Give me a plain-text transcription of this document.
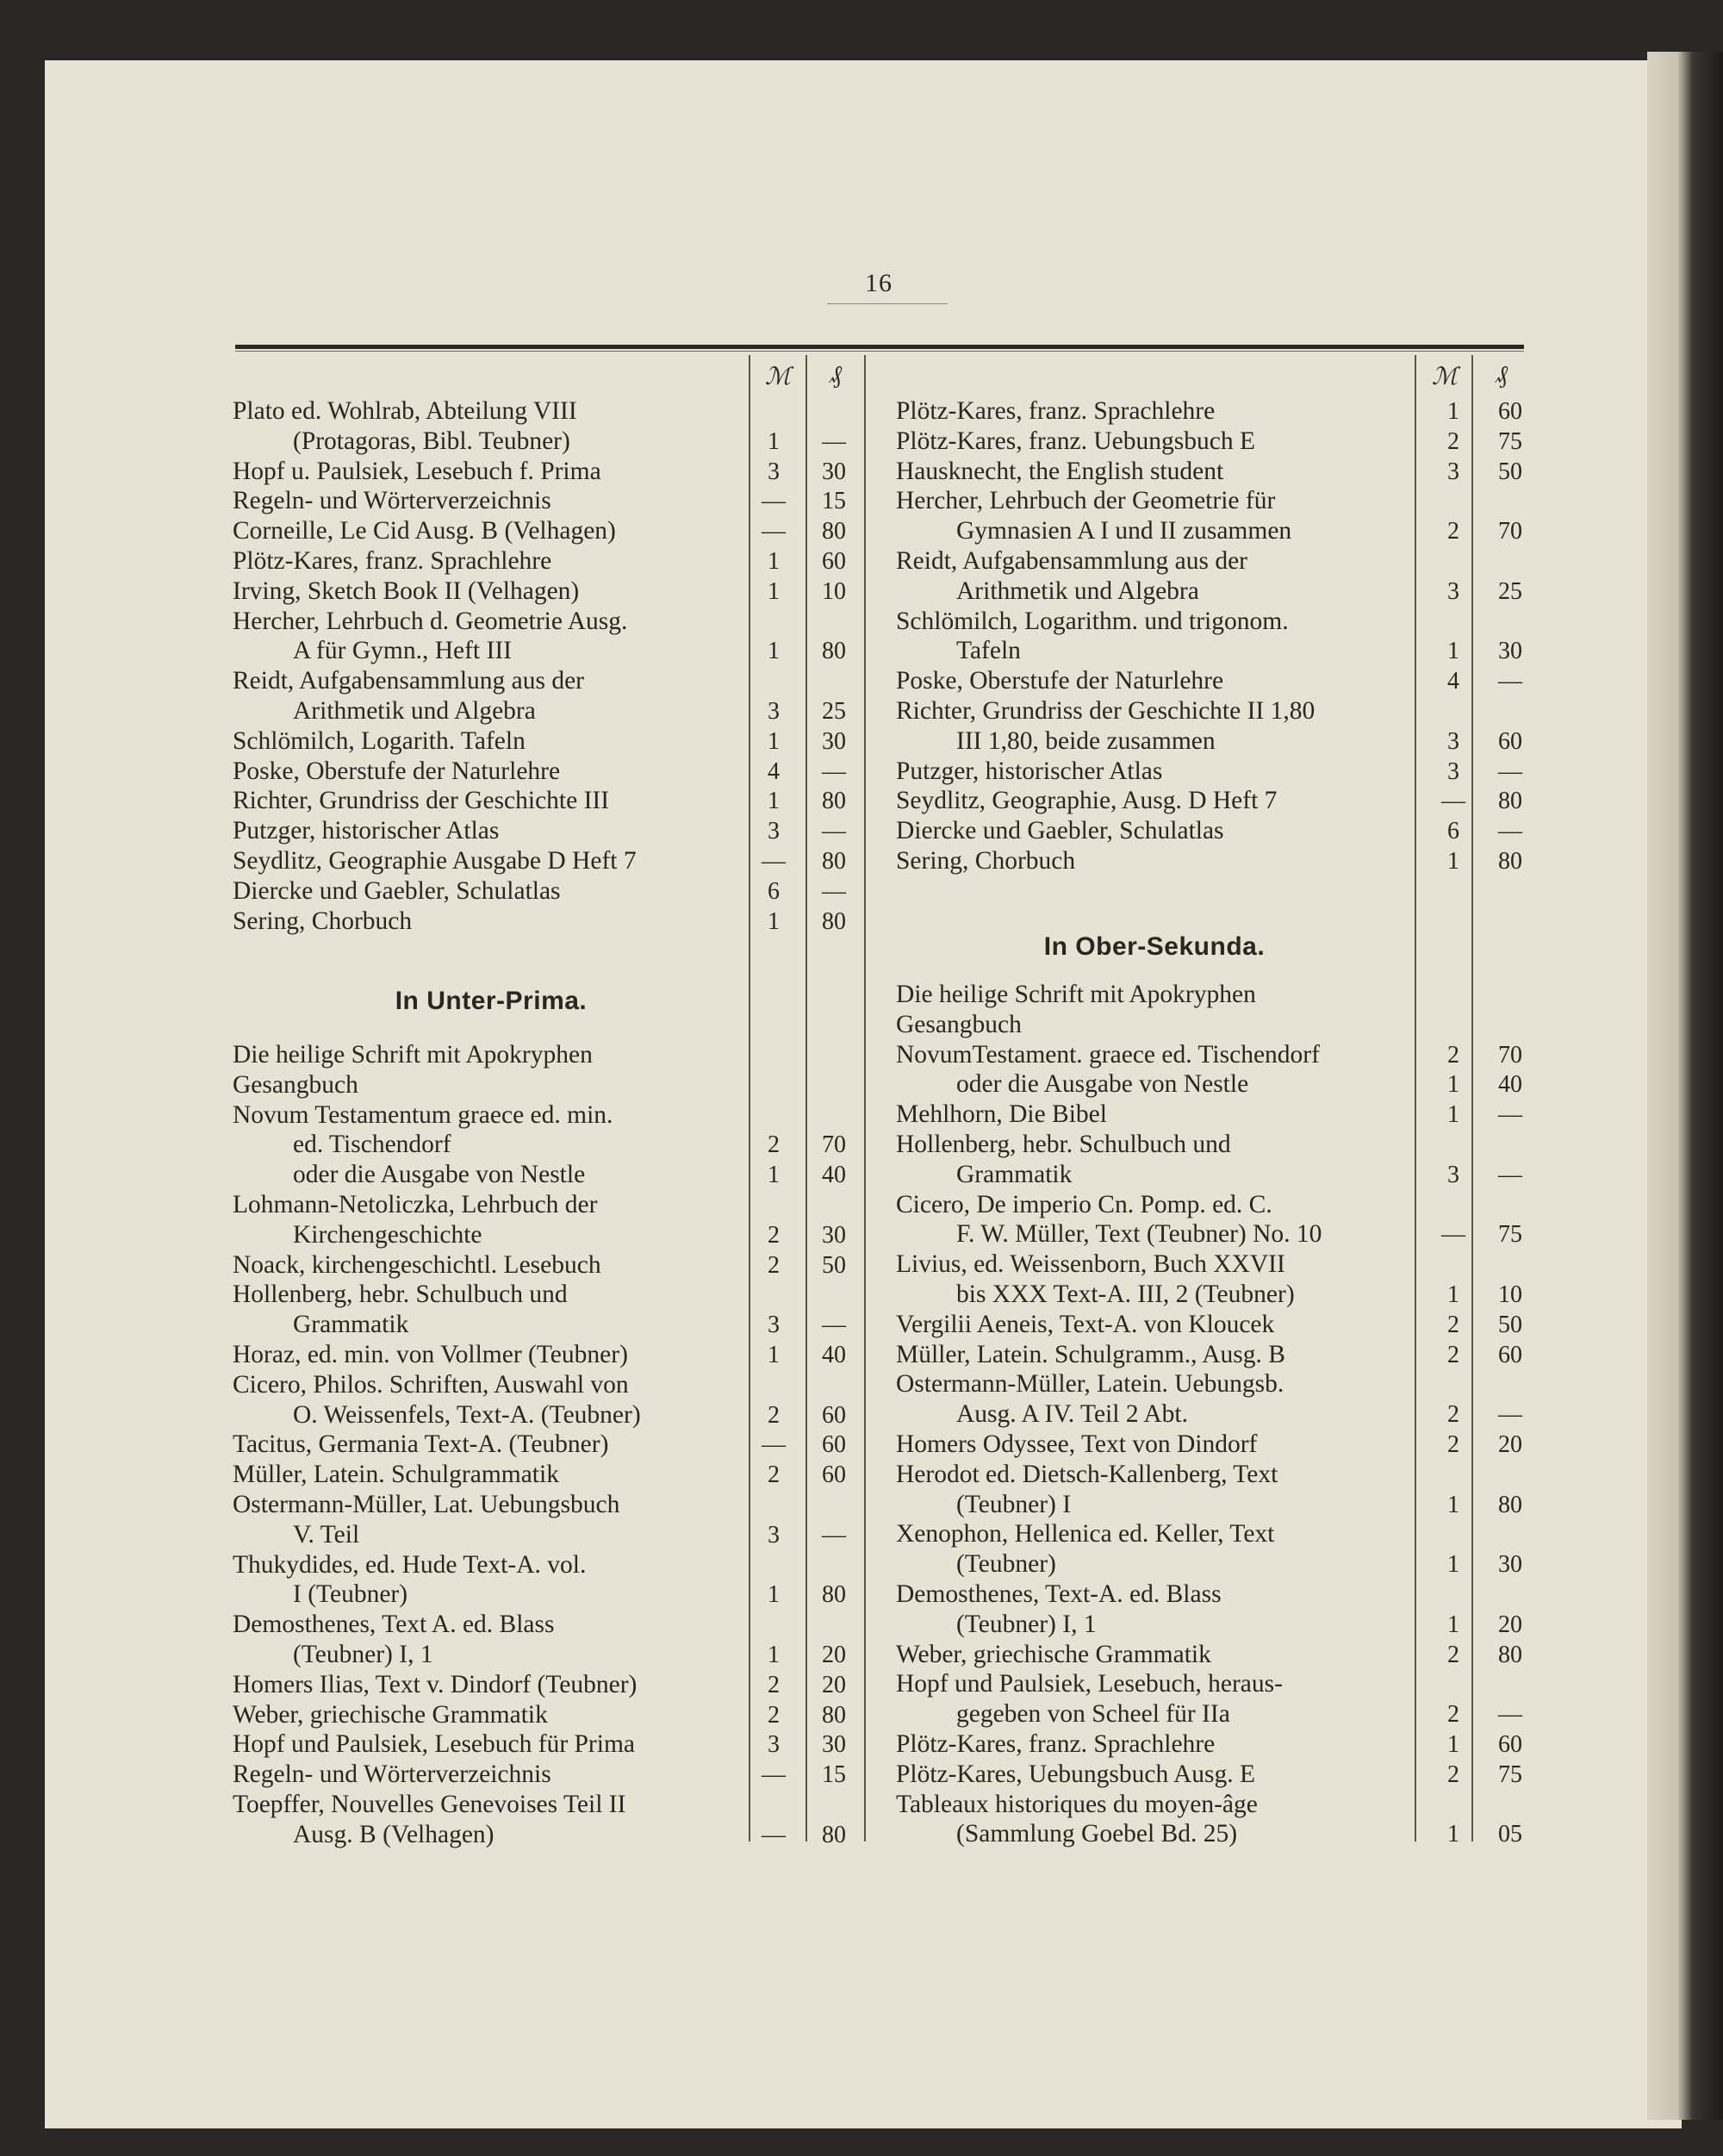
16
ℳ	₰	ℳ	₰
Plato ed. Wohlrab, Abteilung VIII
(Protagoras, Bibl. Teubner)	1	—
Hopf u. Paulsiek, Lesebuch f. Prima	3	30
Regeln- und Wörterverzeichnis	—	15
Corneille, Le Cid Ausg. B (Velhagen)	—	80
Plötz-Kares, franz. Sprachlehre	1	60
Irving, Sketch Book II (Velhagen)	1	10
Hercher, Lehrbuch d. Geometrie Ausg.
A für Gymn., Heft III	1	80
Reidt, Aufgabensammlung aus der
Arithmetik und Algebra	3	25
Schlömilch, Logarith. Tafeln	1	30
Poske, Oberstufe der Naturlehre	4	—
Richter, Grundriss der Geschichte III	1	80
Putzger, historischer Atlas	3	—
Seydlitz, Geographie Ausgabe D Heft 7	—	80
Diercke und Gaebler, Schulatlas	6	—
Sering, Chorbuch	1	80
In Unter-Prima.
Die heilige Schrift mit Apokryphen
Gesangbuch
Novum Testamentum graece ed. min.
ed. Tischendorf	2	70
oder die Ausgabe von Nestle	1	40
Lohmann-Netoliczka, Lehrbuch der
Kirchengeschichte	2	30
Noack, kirchengeschichtl. Lesebuch	2	50
Hollenberg, hebr. Schulbuch und
Grammatik	3	—
Horaz, ed. min. von Vollmer (Teubner)	1	40
Cicero, Philos. Schriften, Auswahl von
O. Weissenfels, Text-A. (Teubner)	2	60
Tacitus, Germania Text-A. (Teubner)	—	60
Müller, Latein. Schulgrammatik	2	60
Ostermann-Müller, Lat. Uebungsbuch
V. Teil	3	—
Thukydides, ed. Hude Text-A. vol.
I (Teubner)	1	80
Demosthenes, Text A. ed. Blass
(Teubner) I, 1	1	20
Homers Ilias, Text v. Dindorf (Teubner)	2	20
Weber, griechische Grammatik	2	80
Hopf und Paulsiek, Lesebuch für Prima	3	30
Regeln- und Wörterverzeichnis	—	15
Toepffer, Nouvelles Genevoises Teil II
Ausg. B (Velhagen)	—	80
Plötz-Kares, franz. Sprachlehre	1	60
Plötz-Kares, franz. Uebungsbuch E	2	75
Hausknecht, the English student	3	50
Hercher, Lehrbuch der Geometrie für
Gymnasien A I und II zusammen	2	70
Reidt, Aufgabensammlung aus der
Arithmetik und Algebra	3	25
Schlömilch, Logarithm. und trigonom.
Tafeln	1	30
Poske, Oberstufe der Naturlehre	4	—
Richter, Grundriss der Geschichte II 1,80
III 1,80, beide zusammen	3	60
Putzger, historischer Atlas	3	—
Seydlitz, Geographie, Ausg. D Heft 7	—	80
Diercke und Gaebler, Schulatlas	6	—
Sering, Chorbuch	1	80
In Ober-Sekunda.
Die heilige Schrift mit Apokryphen
Gesangbuch
NovumTestament. graece ed. Tischendorf	2	70
oder die Ausgabe von Nestle	1	40
Mehlhorn, Die Bibel	1	—
Hollenberg, hebr. Schulbuch und
Grammatik	3	—
Cicero, De imperio Cn. Pomp. ed. C.
F. W. Müller, Text (Teubner) No. 10	—	75
Livius, ed. Weissenborn, Buch XXVII
bis XXX Text-A. III, 2 (Teubner)	1	10
Vergilii Aeneis, Text-A. von Kloucek	2	50
Müller, Latein. Schulgramm., Ausg. B	2	60
Ostermann-Müller, Latein. Uebungsb.
Ausg. A IV. Teil 2 Abt.	2	—
Homers Odyssee, Text von Dindorf	2	20
Herodot ed. Dietsch-Kallenberg, Text
(Teubner) I	1	80
Xenophon, Hellenica ed. Keller, Text
(Teubner)	1	30
Demosthenes, Text-A. ed. Blass
(Teubner) I, 1	1	20
Weber, griechische Grammatik	2	80
Hopf und Paulsiek, Lesebuch, heraus-
gegeben von Scheel für IIa	2	—
Plötz-Kares, franz. Sprachlehre	1	60
Plötz-Kares, Uebungsbuch Ausg. E	2	75
Tableaux historiques du moyen-âge
(Sammlung Goebel Bd. 25)	1	05
